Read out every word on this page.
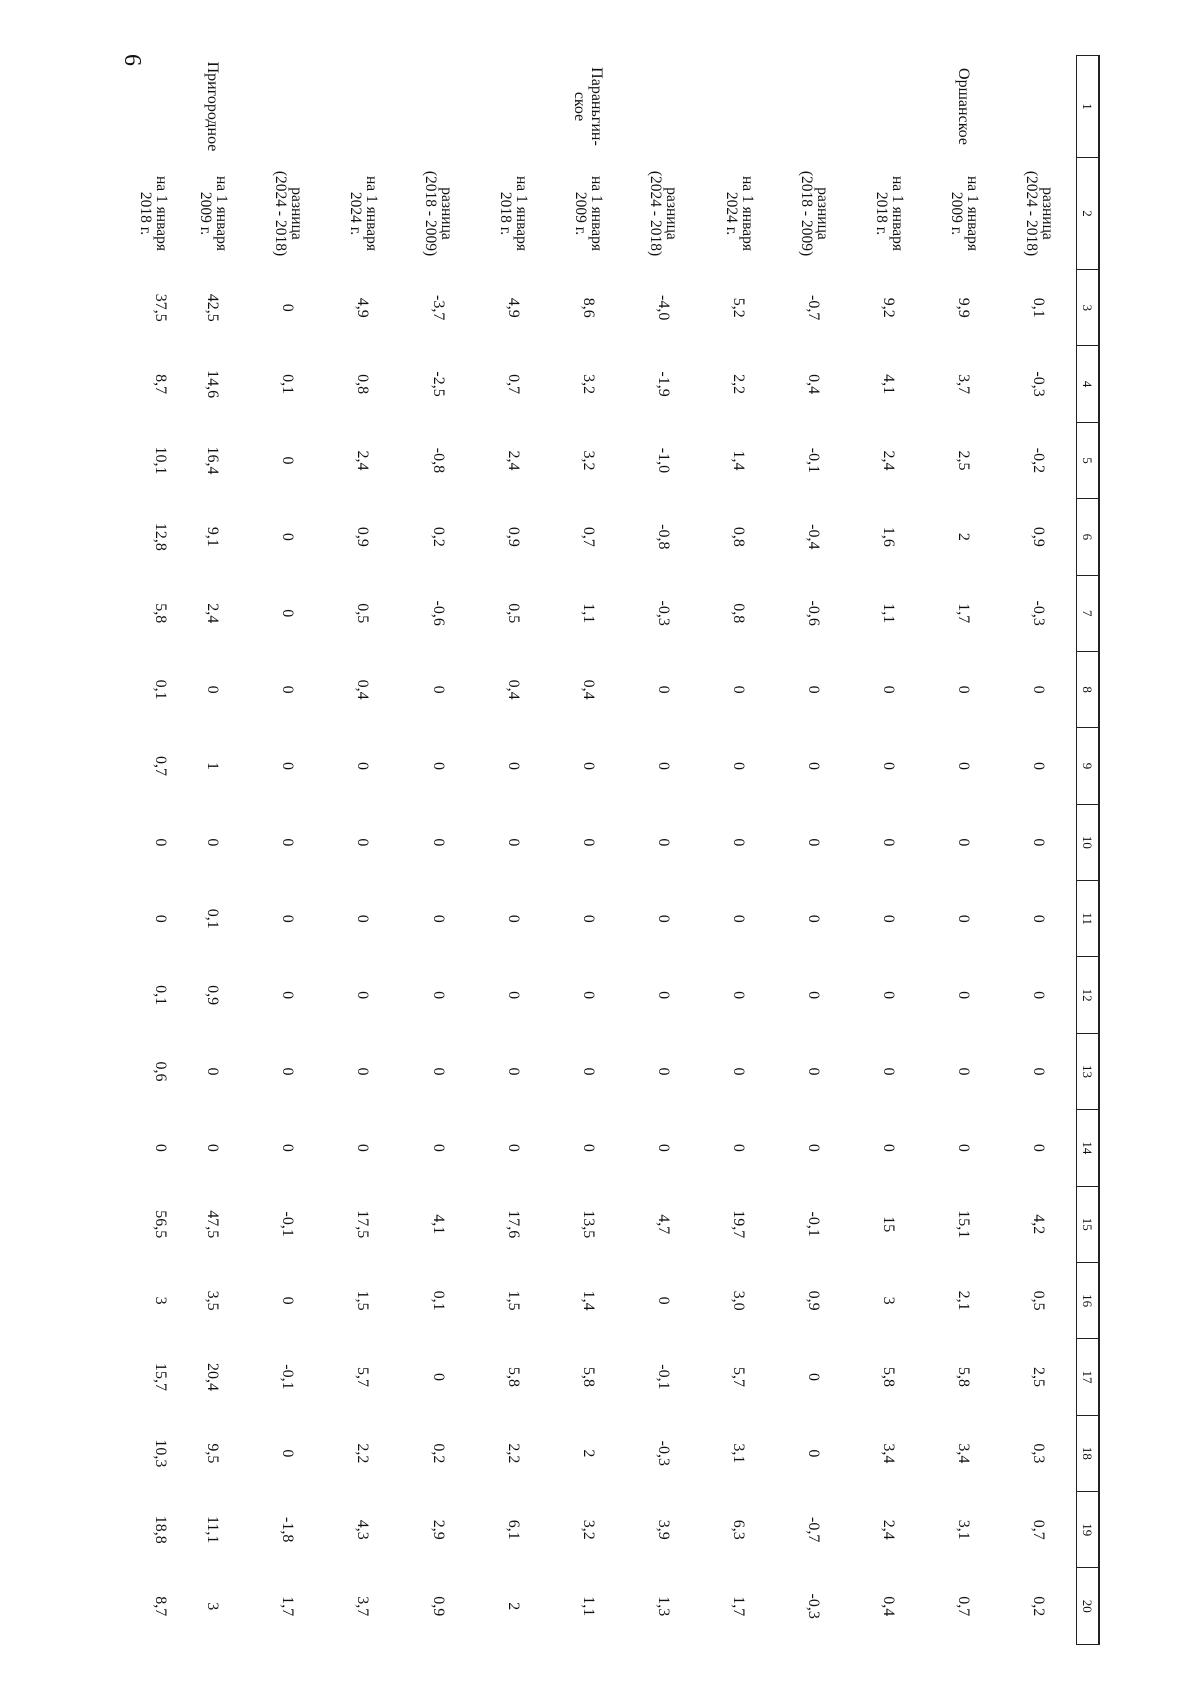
6
1	2	3	4	5	6	7	8	9	10	11	12	13	14	15	16	17	18	19	20

	разница
(2024 - 2018)	0,1	-0,3	-0,2	0,9	-0,3	0	0	0	0	0	0	0	4,2	0,5	2,5	0,3	0,7	0,2

Оршанское	на 1 января
2009 г.	9,9	3,7	2,5	2	1,7	0	0	0	0	0	0	0	15,1	2,1	5,8	3,4	3,1	0,7

	на 1 января
2018 г.	9,2	4,1	2,4	1,6	1,1	0	0	0	0	0	0	0	15	3	5,8	3,4	2,4	0,4

	разница
(2018 - 2009)	-0,7	0,4	-0,1	-0,4	-0,6	0	0	0	0	0	0	0	-0,1	0,9	0	0	-0,7	-0,3

	на 1 января
2024 г.	5,2	2,2	1,4	0,8	0,8	0	0	0	0	0	0	0	19,7	3,0	5,7	3,1	6,3	1,7

	разница
(2024 - 2018)	-4,0	-1,9	-1,0	-0,8	-0,3	0	0	0	0	0	0	0	4,7	0	-0,1	-0,3	3,9	1,3

Параньгин-
ское	на 1 января
2009 г.	8,6	3,2	3,2	0,7	1,1	0,4	0	0	0	0	0	0	13,5	1,4	5,8	2	3,2	1,1

	на 1 января
2018 г.	4,9	0,7	2,4	0,9	0,5	0,4	0	0	0	0	0	0	17,6	1,5	5,8	2,2	6,1	2

	разница
(2018 - 2009)	-3,7	-2,5	-0,8	0,2	-0,6	0	0	0	0	0	0	0	4,1	0,1	0	0,2	2,9	0,9

	на 1 января
2024 г.	4,9	0,8	2,4	0,9	0,5	0,4	0	0	0	0	0	0	17,5	1,5	5,7	2,2	4,3	3,7

	разница
(2024 - 2018)	0	0,1	0	0	0	0	0	0	0	0	0	0	-0,1	0	-0,1	0	-1,8	1,7

Пригородное	на 1 января
2009 г.	42,5	14,6	16,4	9,1	2,4	0	1	0	0,1	0,9	0	0	47,5	3,5	20,4	9,5	11,1	3

	на 1 января
2018 г.	37,5	8,7	10,1	12,8	5,8	0,1	0,7	0	0	0,1	0,6	0	56,5	3	15,7	10,3	18,8	8,7
